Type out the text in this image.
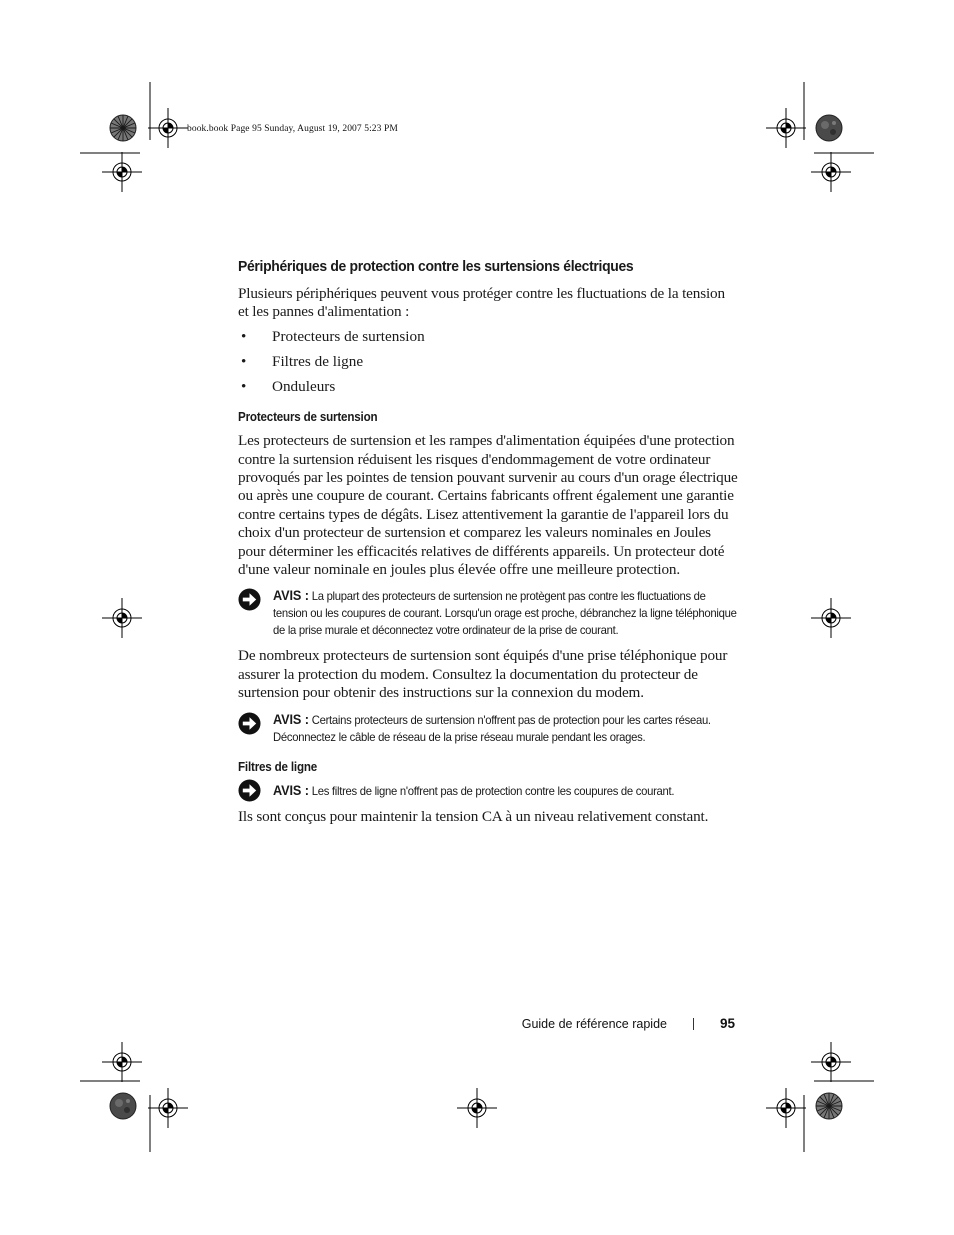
book.book Page 95 Sunday, August 19, 2007 5:23 PM
Périphériques de protection contre les surtensions électriques

Plusieurs périphériques peuvent vous protéger contre les fluctuations de la tension et les pannes d'alimentation :

• Protecteurs de surtension
• Filtres de ligne
• Onduleurs
Protecteurs de surtension

Les protecteurs de surtension et les rampes d'alimentation équipées d'une protection contre la surtension réduisent les risques d'endommagement de votre ordinateur provoqués par les pointes de tension pouvant survenir au cours d'un orage électrique ou après une coupure de courant. Certains fabricants offrent également une garantie contre certains types de dégâts. Lisez attentivement la garantie de l'appareil lors du choix d'un protecteur de surtension et comparez les valeurs nominales en Joules pour déterminer les efficacités relatives de différents appareils. Un protecteur doté d'une valeur nominale en joules plus élevée offre une meilleure protection.

AVIS : La plupart des protecteurs de surtension ne protègent pas contre les fluctuations de tension ou les coupures de courant. Lorsqu'un orage est proche, débranchez la ligne téléphonique de la prise murale et déconnectez votre ordinateur de la prise de courant.

De nombreux protecteurs de surtension sont équipés d'une prise téléphonique pour assurer la protection du modem. Consultez la documentation du protecteur de surtension pour obtenir des instructions sur la connexion du modem.

AVIS : Certains protecteurs de surtension n'offrent pas de protection pour les cartes réseau. Déconnectez le câble de réseau de la prise réseau murale pendant les orages.
Filtres de ligne
AVIS : Les filtres de ligne n'offrent pas de protection contre les coupures de courant.

Ils sont conçus pour maintenir la tension CA à un niveau relativement constant.

Guide de référence rapide	95
